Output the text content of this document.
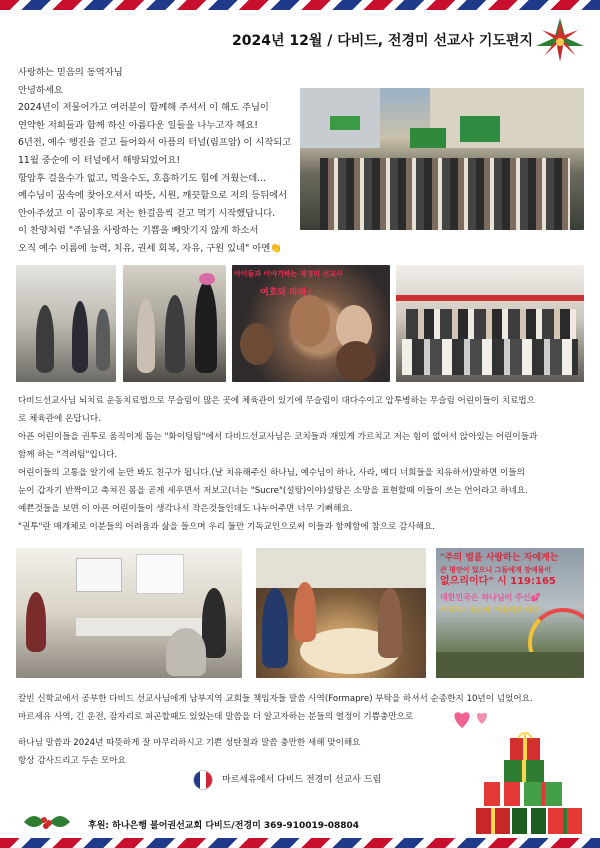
2024년 12월 / 다비드, 전경미 선교사 기도편지

사랑하는 믿음의 동역자님

안녕하세요

2024년이 저물어가고 여러분이 함께해 주셔서 이 해도 주님이

연약한 저희들과 함께 하신 아름다운 일들을 나누고자 해요!

6년전, 예수 행진을 걷고 들어와서 아픔의 터널(림프암) 이 시작되고

11월 중순에 이 터널에서 해방되었어요!

항암후 걸을수가 없고, 먹을수도, 호흡하기도 힘에 겨웠는데...

예수님이 꿈속에 찾아오셔서 따뜻, 시원, 깨끗함으로 저의 등뒤에서

안아주셨고 이 꿈이후로 저는 한걸음씩 걷고 먹기 시작했답니다.

이 찬양처럼 "주님을 사랑하는 기쁨을 빼앗기지 않게 하소서

오직 예수 이름에 능력, 치유, 권세 회복, 자유, 구원 있네" 아멘👏

아이들과 이야기하는 제경미 선교사
여호와 라파✌

다비드선교사님 뇌치료 운동치료법으로 무슬림이 많은 곳에 체육관이 있기에 무슬림이 대다수이고 압투병하는 무슬림 어린이들이 치료법으

로 체육관에 온답니다.

아픈 어린이들을 권투로 움직이게 돕는 "화이팅팀"에서 다비드선교사님은 코치들과 재밌게 가르치고 저는 힘이 없어서 앉아있는 어린이들과

함께 하는 "격려팀"입니다.

어린이들의 고통을 알기에 눈만 봐도 친구가 됩니다.(날 치유해주신 하나님, 예수님이 하나, 사라, 메디 너희들을 치유하셔)말하면 이들의

눈이 갑자기 반짝이고 축쳐진 몸을 곧게 세우면서 저보고(너는 "Sucre"(설탕)이야)설탕은 소망을 표현할때 이들이 쓰는 언어라고 하네요.

예쁜것들을 보면 이 아픈 어린이들이 생각나서 작은것들인데도 나누어주면 너무 기뻐해요.

"권투"란 매개체로 이분들의 어려움과 삶을 들으며 우리 둘만 기독교인으로써 이들과 함께함에 참으로 감사해요.

"주의 법을 사랑하는 자에게는
큰 평안이 있으니 그들에게 장애물이
없으리이다" 시 119:165
대한민국은 하나님이 주신💕
무지개의 동반이 "아름다운 나라"

칼빈 신학교에서 공부한 다비드 선교사님에게 남부지역 교회들 책임자들 말씀 사역(Formapre) 부탁을 하셔서 순종한지 10년이 넘었어요.

마르세유 사역, 긴 운전, 잠자리로 피곤할때도 있었는데 말씀을 더 알고자하는 분들의 열정이 기쁨충만으로

하나님 말씀과 2024년 따뜻하게 잘 마무리하시고 기쁜 성탄절과 말씀 충만한 새해 맞이해요

항상 감사드리고 두손 모아요

마르세유에서 다비드 전경미 선교사 드림
후원: 하나은행 불어권선교회 다비드/전경미 369-910019-08804
